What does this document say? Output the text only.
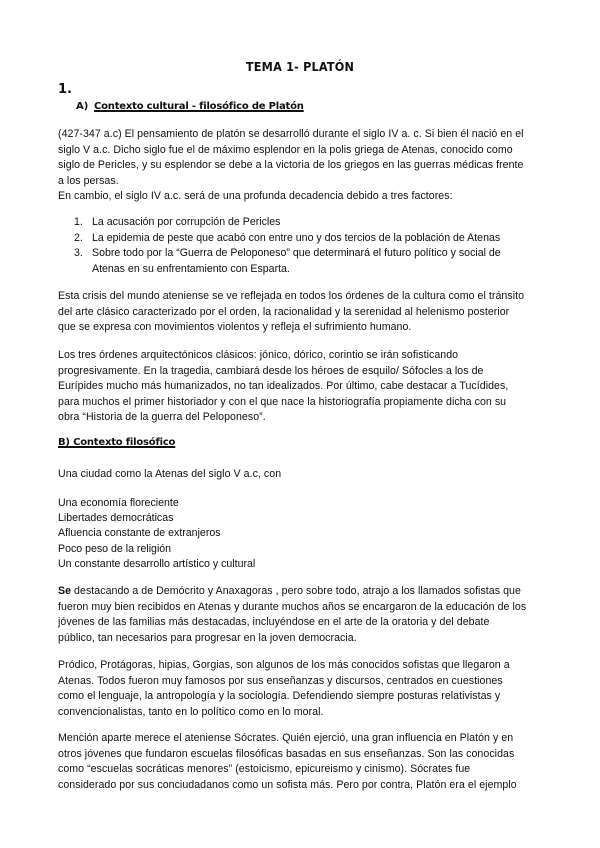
TEMA 1- PLATÓN
1.
A) Contexto cultural - filosófico de Platón
(427-347 a.c) El pensamiento de platón se desarrolló durante el siglo IV a. c. Si bien él nació en el
siglo V a.c. Dicho siglo fue el de máximo esplendor en la polis griega de Atenas, conocido como
siglo de Pericles, y su esplendor se debe a la victoria de los griegos en las guerras médicas frente
a los persas.
En cambio, el siglo IV a.c. será de una profunda decadencia debido a tres factores:
1. La acusación por corrupción de Pericles
2. La epidemia de peste que acabó con entre uno y dos tercios de la población de Atenas
3. Sobre todo por la “Guerra de Peloponeso” que determinará el futuro político y social de
Atenas en su enfrentamiento con Esparta.
Esta crisis del mundo ateniense se ve reflejada en todos los órdenes de la cultura como el tránsito
del arte clásico caracterizado por el orden, la racionalidad y la serenidad al helenismo posterior
que se expresa con movimientos violentos y refleja el sufrimiento humano.
Los tres órdenes arquitectónicos clásicos: jónico, dórico, corintio se irán sofisticando
progresivamente. En la tragedia, cambiará desde los héroes de esquilo/ Sófocles a los de
Eurípides mucho más humanizados, no tan idealizados. Por último, cabe destacar a Tucídides,
para muchos el primer historiador y con el que nace la historiografía propiamente dicha con su
obra “Historia de la guerra del Peloponeso”.
B) Contexto filosófico
Una ciudad como la Atenas del siglo V a.c, con
Una economía floreciente
Libertades democráticas
Afluencia constante de extranjeros
Poco peso de la religión
Un constante desarrollo artístico y cultural
Se destacando a de Demócrito y Anaxagoras , pero sobre todo, atrajo a los llamados sofistas que
fueron muy bien recibidos en Atenas y durante muchos años se encargaron de la educación de los
jóvenes de las familias más destacadas, incluyéndose en el arte de la oratoria y del debate
público, tan necesarios para progresar en la joven democracia.
Pródico, Protágoras, hipias, Gorgias, son algunos de los más conocidos sofistas que llegaron a
Atenas. Todos fueron muy famosos por sus enseñanzas y discursos, centrados en cuestiones
como el lenguaje, la antropología y la sociología. Defendiendo siempre posturas relativistas y
convencionalistas, tanto en lo político como en lo moral.
Mención aparte merece el ateniense Sócrates. Quién ejerció, una gran influencia en Platón y en
otros jóvenes que fundaron escuelas filosóficas basadas en sus enseñanzas. Son las conocidas
como “escuelas socráticas menores” (estoicismo, epicureismo y cinismo). Sócrates fue
considerado por sus conciudadanos como un sofista más. Pero por contra, Platón era el ejemplo
